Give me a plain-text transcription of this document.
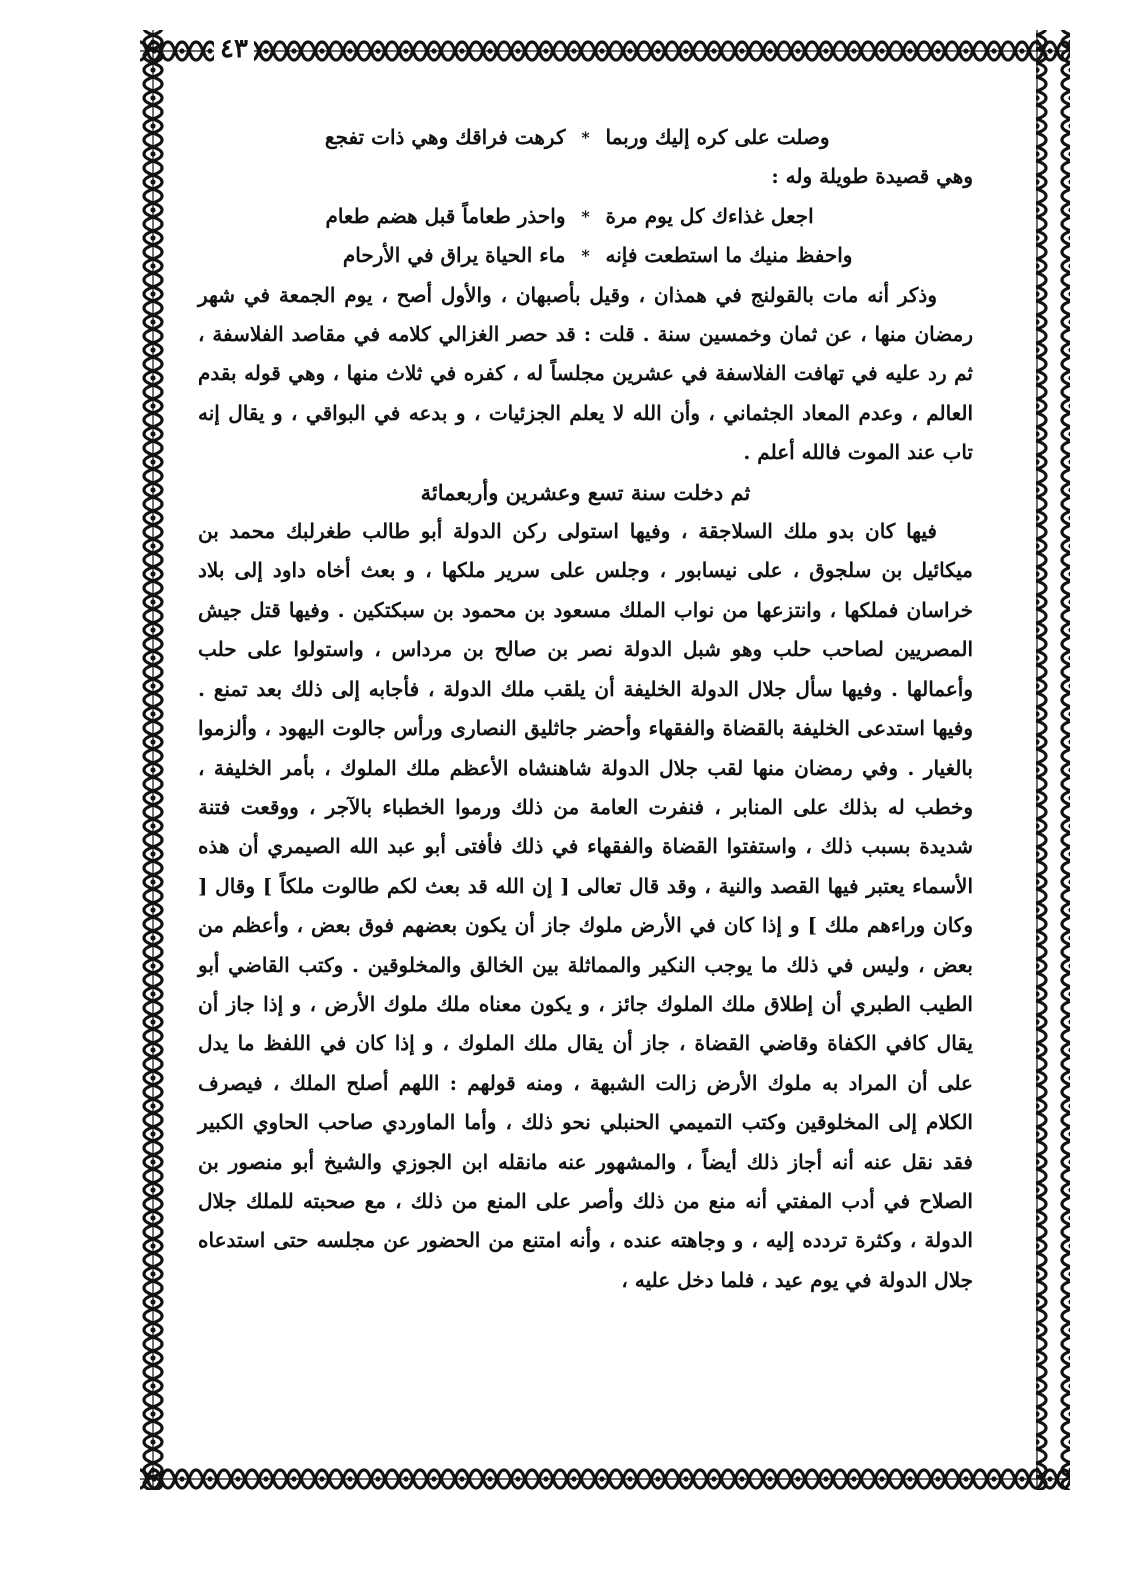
٤٣

وصلت على كره إليك وربما
*
كرهت فراقك وهي ذات تفجع

وهي قصيدة طويلة وله :

اجعل غذاءك كل يوم مرة
*
واحذر طعاماً قبل هضم طعام

واحفظ منيك ما استطعت فإنه
*
ماء الحياة يراق في الأرحام

وذكر أنه مات بالقولنج في همذان ، وقيل بأصبهان ، والأول أصح ، يوم الجمعة في شهر رمضان منها ، عن ثمان وخمسين سنة . قلت : قد حصر الغزالي كلامه في مقاصد الفلاسفة ، ثم رد عليه في تهافت الفلاسفة في عشرين مجلساً له ، كفره في ثلاث منها ، وهي قوله بقدم العالم ، وعدم المعاد الجثماني ، وأن الله لا يعلم الجزئيات ، و بدعه في البواقي ، و يقال إنه تاب عند الموت فالله أعلم .

ثم دخلت سنة تسع وعشرين وأربعمائة

فيها كان بدو ملك السلاجقة ، وفيها استولى ركن الدولة أبو طالب طغرلبك محمد بن ميكائيل بن سلجوق ، على نيسابور ، وجلس على سرير ملكها ، و بعث أخاه داود إلى بلاد خراسان فملكها ، وانتزعها من نواب الملك مسعود بن محمود بن سبكتكين . وفيها قتل جيش المصريين لصاحب حلب وهو شبل الدولة نصر بن صالح بن مرداس ، واستولوا على حلب وأعمالها . وفيها سأل جلال الدولة الخليفة أن يلقب ملك الدولة ، فأجابه إلى ذلك بعد تمنع . وفيها استدعى الخليفة بالقضاة والفقهاء وأحضر جاثليق النصارى ورأس جالوت اليهود ، وألزموا بالغيار . وفي رمضان منها لقب جلال الدولة شاهنشاه الأعظم ملك الملوك ، بأمر الخليفة ، وخطب له بذلك على المنابر ، فنفرت العامة من ذلك ورموا الخطباء بالآجر ، ووقعت فتنة شديدة بسبب ذلك ، واستفتوا القضاة والفقهاء في ذلك فأفتى أبو عبد الله الصيمري أن هذه الأسماء يعتبر فيها القصد والنية ، وقد قال تعالى [ إن الله قد بعث لكم طالوت ملكاً ] وقال [ وكان وراءهم ملك ] و إذا كان في الأرض ملوك جاز أن يكون بعضهم فوق بعض ، وأعظم من بعض ، وليس في ذلك ما يوجب النكير والمماثلة بين الخالق والمخلوقين . وكتب القاضي أبو الطيب الطبري أن إطلاق ملك الملوك جائز ، و يكون معناه ملك ملوك الأرض ، و إذا جاز أن يقال كافي الكفاة وقاضي القضاة ، جاز أن يقال ملك الملوك ، و إذا كان في اللفظ ما يدل على أن المراد به ملوك الأرض زالت الشبهة ، ومنه قولهم : اللهم أصلح الملك ، فيصرف الكلام إلى المخلوقين وكتب التميمي الحنبلي نحو ذلك ، وأما الماوردي صاحب الحاوي الكبير فقد نقل عنه أنه أجاز ذلك أيضاً ، والمشهور عنه مانقله ابن الجوزي والشيخ أبو منصور بن الصلاح في أدب المفتي أنه منع من ذلك وأصر على المنع من ذلك ، مع صحبته للملك جلال الدولة ، وكثرة تردده إليه ، و وجاهته عنده ، وأنه امتنع من الحضور عن مجلسه حتى استدعاه جلال الدولة في يوم عيد ، فلما دخل عليه ،
